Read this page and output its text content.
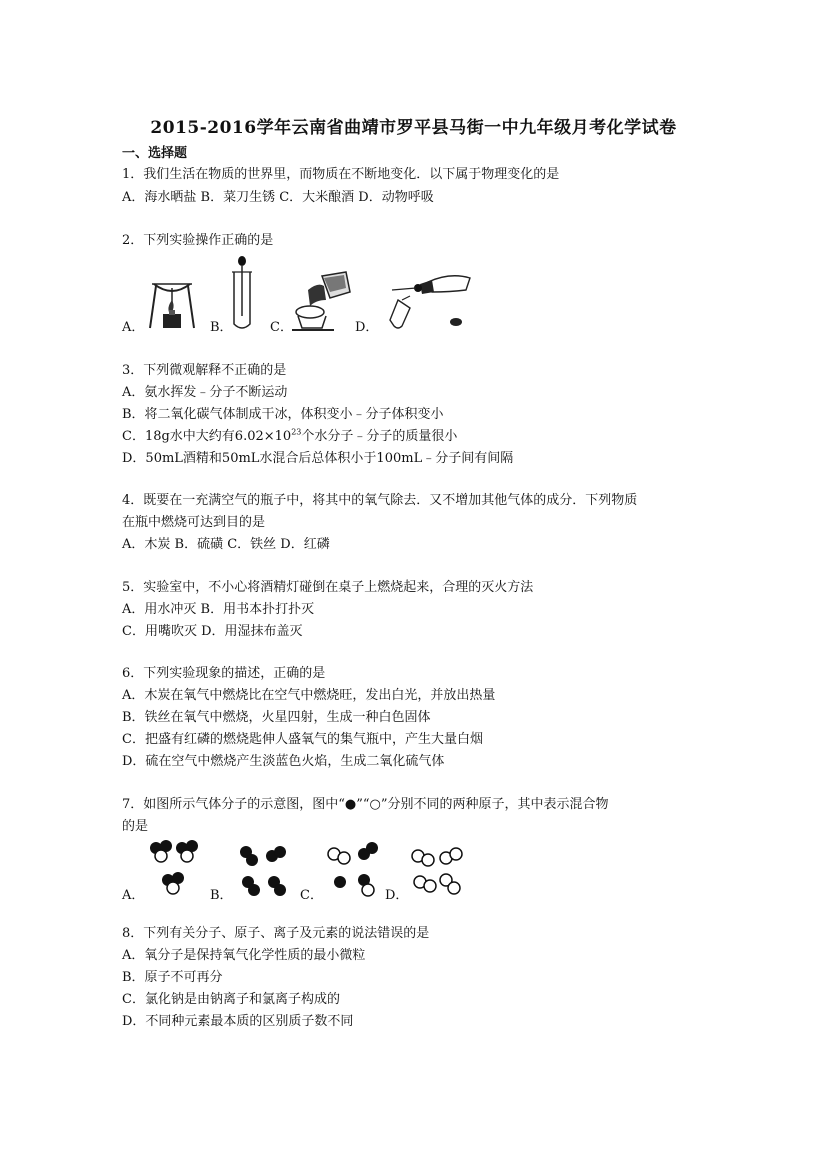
2015-2016学年云南省曲靖市罗平县马街一中九年级月考化学试卷
一、选择题
1．我们生活在物质的世界里，而物质在不断地变化．以下属于物理变化的是
A．海水晒盐 B．菜刀生锈 C．大米酿酒 D．动物呼吸
2．下列实验操作正确的是
A．	B．	C．	D．
3．下列微观解释不正确的是
A．氨水挥发﹣分子不断运动
B．将二氧化碳气体制成干冰，体积变小﹣分子体积变小
C．18g水中大约有$6.02\times 10^{23}$个水分子﹣分子的质量很小
D．50mL酒精和50mL水混合后总体积小于100mL﹣分子间有间隔
4．既要在一充满空气的瓶子中，将其中的氧气除去．又不增加其他气体的成分．下列物质
在瓶中燃烧可达到目的是
A．木炭 B．硫磺 C．铁丝 D．红磷
5．实验室中，不小心将酒精灯碰倒在桌子上燃烧起来，合理的灭火方法
A．用水冲灭 B．用书本扑打扑灭
C．用嘴吹灭 D．用湿抹布盖灭
6．下列实验现象的描述，正确的是
A．木炭在氧气中燃烧比在空气中燃烧旺，发出白光，并放出热量
B．铁丝在氧气中燃烧，火星四射，生成一种白色固体
C．把盛有红磷的燃烧匙伸人盛氧气的集气瓶中，产生大量白烟
D．硫在空气中燃烧产生淡蓝色火焰，生成二氧化硫气体
7．如图所示气体分子的示意图，图中“●”“○”分别不同的两种原子，其中表示混合物
的是
A．	B．	C．	D．
8．下列有关分子、原子、离子及元素的说法错误的是
A．氧分子是保持氧气化学性质的最小微粒
B．原子不可再分
C．氯化钠是由钠离子和氯离子构成的
D．不同种元素最本质的区别质子数不同
